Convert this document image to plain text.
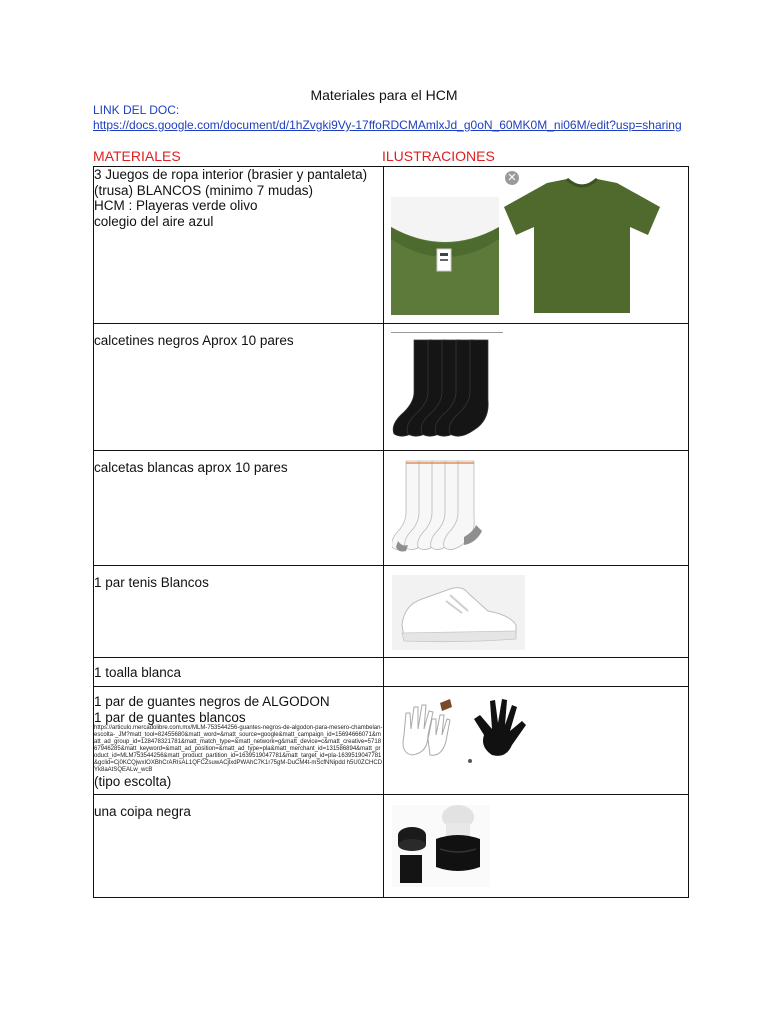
Materiales para el HCM
LINK DEL DOC:
https://docs.google.com/document/d/1hZvgki9Vy-17ffoRDCMAmlxJd_g0oN_60MK0M_ni06M/edit?usp=sharing
MATERIALES	ILUSTRACIONES
3 Juegos de ropa interior (brasier y pantaleta) (trusa) BLANCOS (minimo 7 mudas)
HCM : Playeras verde olivo
colegio del aire azul	✕

calcetines negros Aprox 10 pares

calcetas blancas aprox 10 pares

1 par tenis Blancos

1 toalla blanca	

1 par de guantes negros de ALGODON
1 par de guantes blancos
https://articulo.mercadolibre.com.mx/MLM-753544256-guantes-negros-de-algodon-para-mesero-chambelan-escolta-_JM?matt_tool=82455680&matt_word=&matt_source=google&matt_campaign_id=15694666071&matt_ad_group_id=128478321781&matt_match_type=&matt_network=g&matt_device=c&matt_creative=571867946285&matt_keyword=&matt_ad_position=&matt_ad_type=pla&matt_merchant_id=131586894&matt_product_id=MLM753544256&matt_product_partition_id=1639519047781&matt_target_id=pla-1639519047781&gclid=Cj0KCQjwxIOXBhCrARIsAL1QFCZsuwACjlxdPWAhC7K1r75gM-DuCM4t-mScfNNipdd h5U0ZCHCDYk8aAtSQEALw_wcB
(tipo escolta)

una coipa negra
